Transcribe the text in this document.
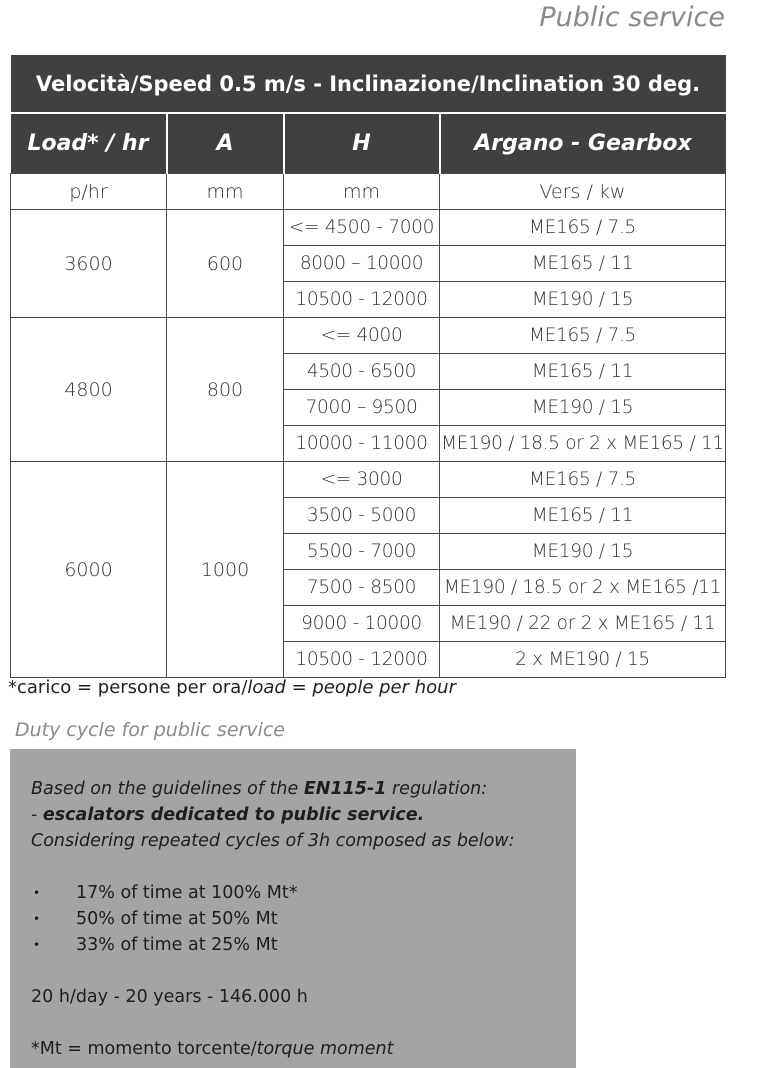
Public service
Velocità/Speed 0.5 m/s - Inclinazione/Inclination 30 deg.			
Load* / hr	A	H	Argano - Gearbox
p/hr	mm	mm	Vers / kw
3600	600	<= 4500 - 7000	ME165 / 7.5
		8000 – 10000	ME165 / 11
		10500 - 12000	ME190 / 15
4800	800	<= 4000	ME165 / 7.5
		4500 - 6500	ME165 / 11
		7000 – 9500	ME190 / 15
		10000 - 11000	ME190 / 18.5 or 2 x ME165 / 11
6000	1000	<= 3000	ME165 / 7.5
		3500 - 5000	ME165 / 11
		5500 - 7000	ME190 / 15
		7500 - 8500	ME190 / 18.5 or 2 x ME165 /11
		9000 - 10000	ME190 / 22 or 2 x ME165 / 11
		10500 - 12000	2 x ME190 / 15
*carico = persone per ora/load = people per hour
Duty cycle for public service
Based on the guidelines of the EN115-1 regulation:
- escalators dedicated to public service.
Considering repeated cycles of 3h composed as below:
• 17% of time at 100% Mt*
• 50% of time at 50% Mt
• 33% of time at 25% Mt
20 h/day - 20 years - 146.000 h
*Mt = momento torcente/torque moment
